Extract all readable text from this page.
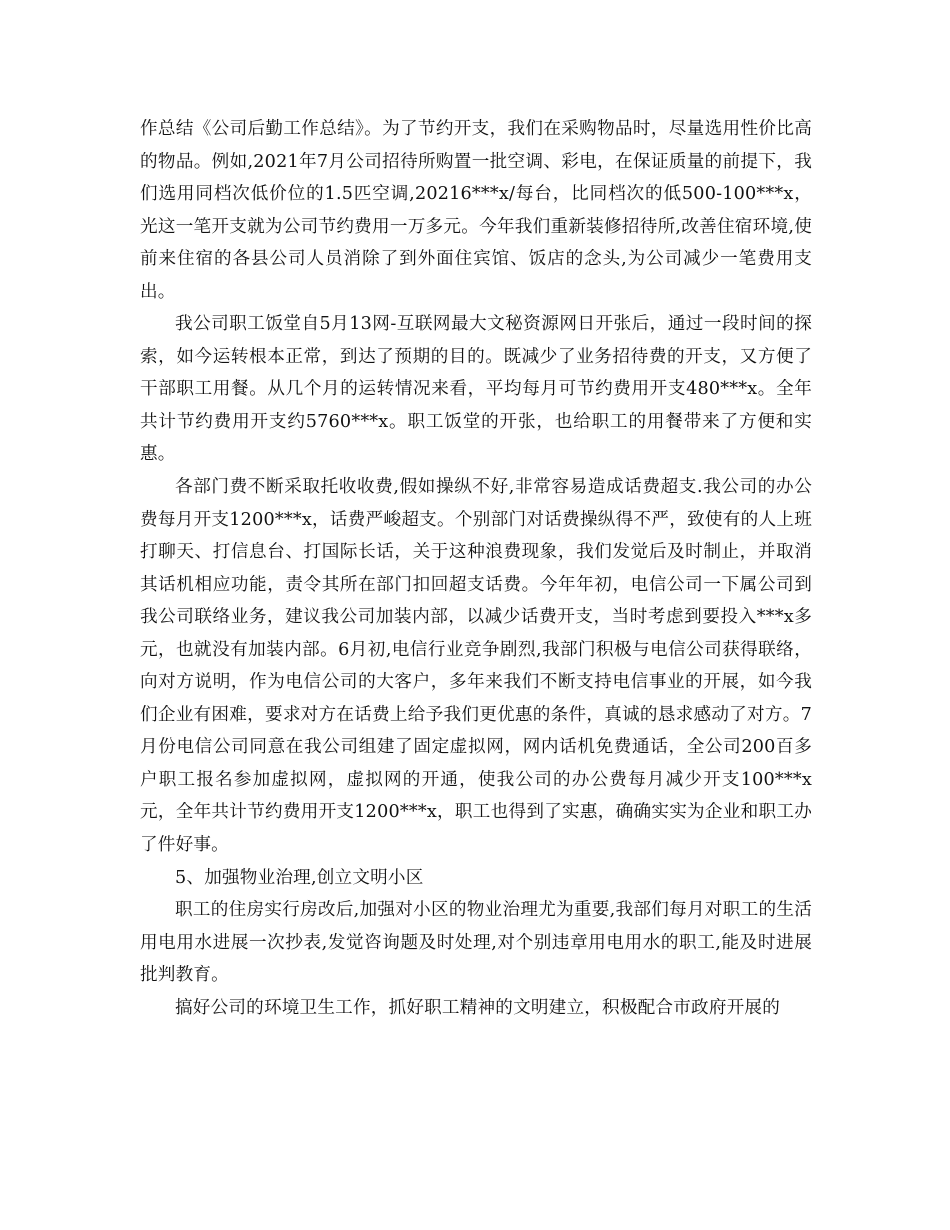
作总结《公司后勤工作总结》。为了节约开支，我们在采购物品时，尽量选用性价比高的物品。例如,2021年7月公司招待所购置一批空调、彩电，在保证质量的前提下，我们选用同档次低价位的1.5匹空调,20216***x/每台，比同档次的低500-100***x，光这一笔开支就为公司节约费用一万多元。今年我们重新装修招待所,改善住宿环境,使前来住宿的各县公司人员消除了到外面住宾馆、饭店的念头,为公司减少一笔费用支出。

我公司职工饭堂自5月13网-互联网最大文秘资源网日开张后，通过一段时间的探索，如今运转根本正常，到达了预期的目的。既减少了业务招待费的开支，又方便了干部职工用餐。从几个月的运转情况来看，平均每月可节约费用开支480***x。全年共计节约费用开支约5760***x。职工饭堂的开张，也给职工的用餐带来了方便和实惠。

各部门费不断采取托收收费,假如操纵不好,非常容易造成话费超支.我公司的办公费每月开支1200***x，话费严峻超支。个别部门对话费操纵得不严，致使有的人上班打聊天、打信息台、打国际长话，关于这种浪费现象，我们发觉后及时制止，并取消其话机相应功能，责令其所在部门扣回超支话费。今年年初，电信公司一下属公司到我公司联络业务，建议我公司加装内部，以减少话费开支，当时考虑到要投入***x多元，也就没有加装内部。6月初,电信行业竞争剧烈,我部门积极与电信公司获得联络，向对方说明，作为电信公司的大客户，多年来我们不断支持电信事业的开展，如今我们企业有困难，要求对方在话费上给予我们更优惠的条件，真诚的恳求感动了对方。7月份电信公司同意在我公司组建了固定虚拟网，网内话机免费通话，全公司200百多户职工报名参加虚拟网，虚拟网的开通，使我公司的办公费每月减少开支100***x元，全年共计节约费用开支1200***x，职工也得到了实惠，确确实实为企业和职工办了件好事。

5、加强物业治理,创立文明小区

职工的住房实行房改后,加强对小区的物业治理尤为重要,我部们每月对职工的生活用电用水进展一次抄表,发觉咨询题及时处理,对个别违章用电用水的职工,能及时进展批判教育。

搞好公司的环境卫生工作，抓好职工精神的文明建立，积极配合市政府开展的
